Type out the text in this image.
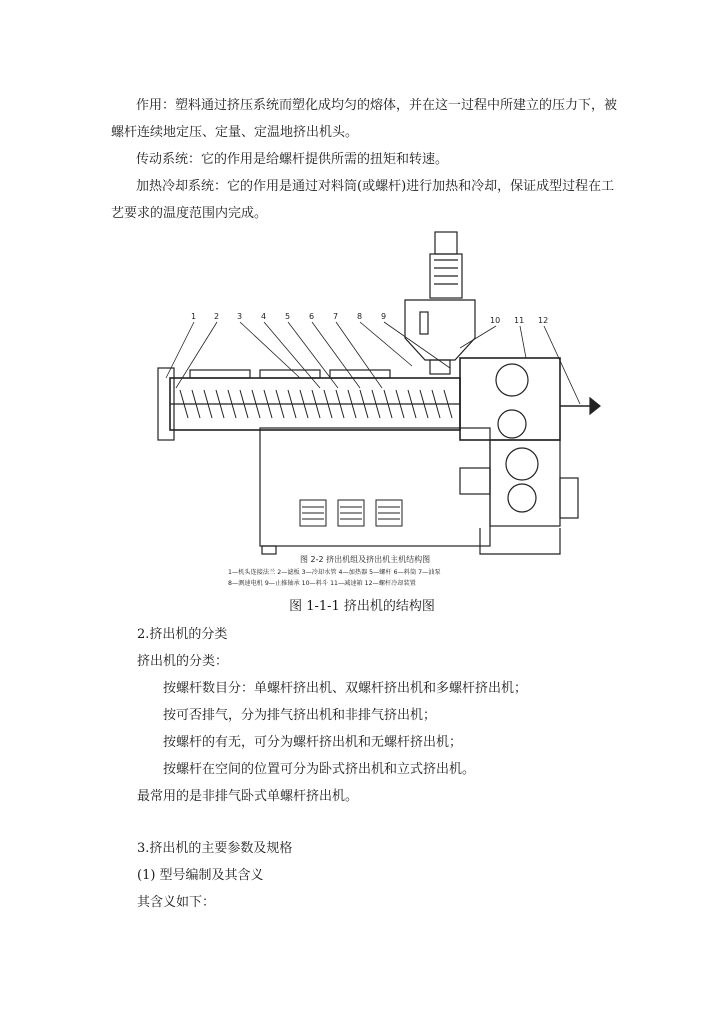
作用：塑料通过挤压系统而塑化成均匀的熔体，并在这一过程中所建立的压力下，被
螺杆连续地定压、定量、定温地挤出机头。
传动系统：它的作用是给螺杆提供所需的扭矩和转速。
加热冷却系统：它的作用是通过对料筒(或螺杆)进行加热和冷却，保证成型过程在工
艺要求的温度范围内完成。
1 2 3 4 5 6 7 8 9	10 11 12
图 2-2 挤出机组及挤出机主机结构图
1—机头连接法兰 2—滤板 3—冷却水管 4—加热器 5—螺杆 6—料筒 7—油泵
8—测速电机 9—止推轴承 10—料斗 11—减速箱 12—螺杆冷却装置
图 1-1-1 挤出机的结构图
2.挤出机的分类
挤出机的分类：
按螺杆数目分：单螺杆挤出机、双螺杆挤出机和多螺杆挤出机；
按可否排气，分为排气挤出机和非排气挤出机；
按螺杆的有无，可分为螺杆挤出机和无螺杆挤出机；
按螺杆在空间的位置可分为卧式挤出机和立式挤出机。
最常用的是非排气卧式单螺杆挤出机。
3.挤出机的主要参数及规格
(1) 型号编制及其含义
其含义如下：
